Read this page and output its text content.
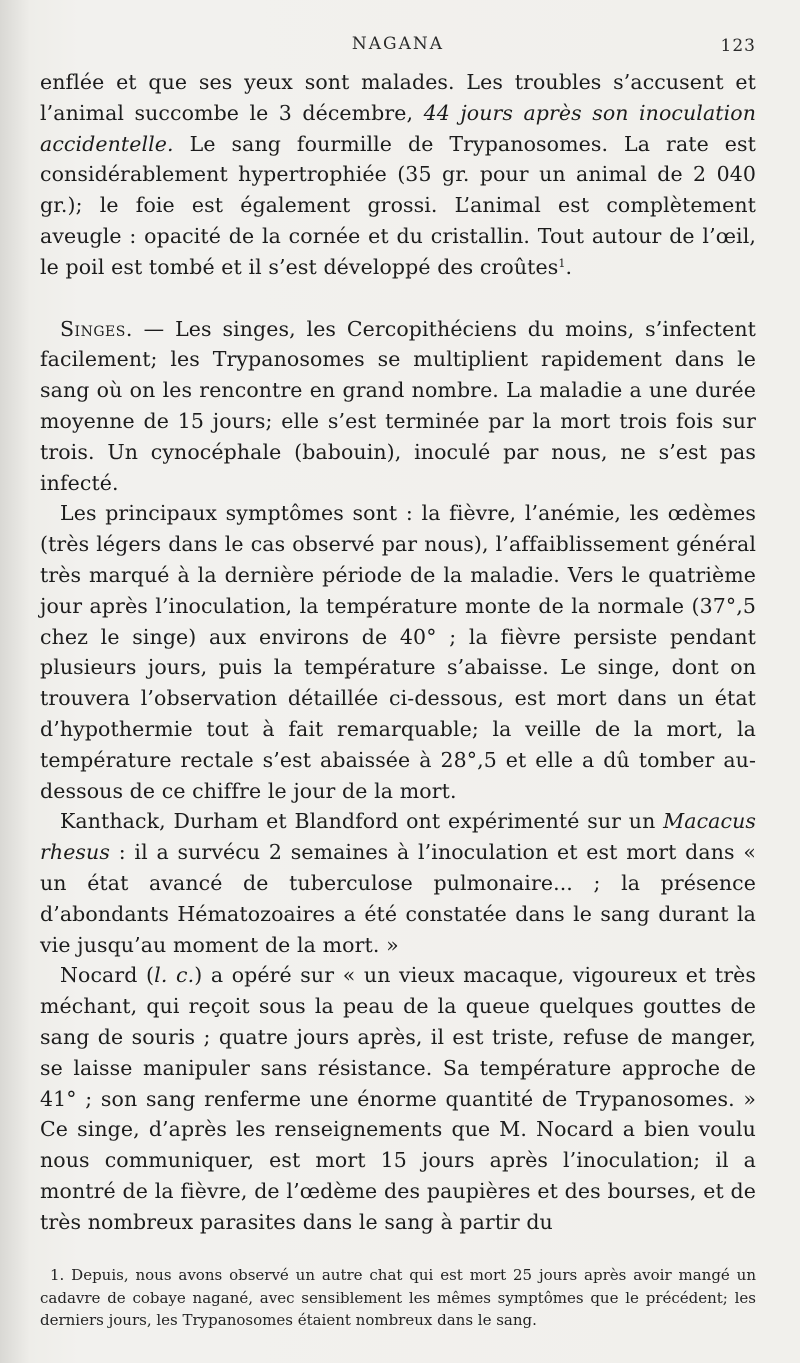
NAGANA	123

enflée et que ses yeux sont malades. Les troubles s’accusent et l’animal succombe le 3 décembre, 44 jours après son inoculation accidentelle. Le sang fourmille de Trypanosomes. La rate est considérablement hypertrophiée (35 gr. pour un animal de 2 040 gr.); le foie est également grossi. L’animal est complètement aveugle : opacité de la cornée et du cristallin. Tout autour de l’œil, le poil est tombé et il s’est développé des croûtes$^1$.

Singes. — Les singes, les Cercopithéciens du moins, s’infectent facilement; les Trypanosomes se multiplient rapidement dans le sang où on les rencontre en grand nombre. La maladie a une durée moyenne de 15 jours; elle s’est terminée par la mort trois fois sur trois. Un cynocéphale (babouin), inoculé par nous, ne s’est pas infecté.

Les principaux symptômes sont : la fièvre, l’anémie, les œdèmes (très légers dans le cas observé par nous), l’affaiblissement général très marqué à la dernière période de la maladie. Vers le quatrième jour après l’inoculation, la température monte de la normale (37°,5 chez le singe) aux environs de 40° ; la fièvre persiste pendant plusieurs jours, puis la température s’abaisse. Le singe, dont on trouvera l’observation détaillée ci-dessous, est mort dans un état d’hypothermie tout à fait remarquable; la veille de la mort, la température rectale s’est abaissée à 28°,5 et elle a dû tomber au-dessous de ce chiffre le jour de la mort.

Kanthack, Durham et Blandford ont expérimenté sur un Macacus rhesus : il a survécu 2 semaines à l’inoculation et est mort dans « un état avancé de tuberculose pulmonaire... ; la présence d’abondants Hématozoaires a été constatée dans le sang durant la vie jusqu’au moment de la mort. »

Nocard (l. c.) a opéré sur « un vieux macaque, vigoureux et très méchant, qui reçoit sous la peau de la queue quelques gouttes de sang de souris ; quatre jours après, il est triste, refuse de manger, se laisse manipuler sans résistance. Sa température approche de 41° ; son sang renferme une énorme quantité de Trypanosomes. » Ce singe, d’après les renseignements que M. Nocard a bien voulu nous communiquer, est mort 15 jours après l’inoculation; il a montré de la fièvre, de l’œdème des paupières et des bourses, et de très nombreux parasites dans le sang à partir du

1. Depuis, nous avons observé un autre chat qui est mort 25 jours après avoir mangé un cadavre de cobaye nagané, avec sensiblement les mêmes symptômes que le précédent; les derniers jours, les Trypanosomes étaient nombreux dans le sang.
